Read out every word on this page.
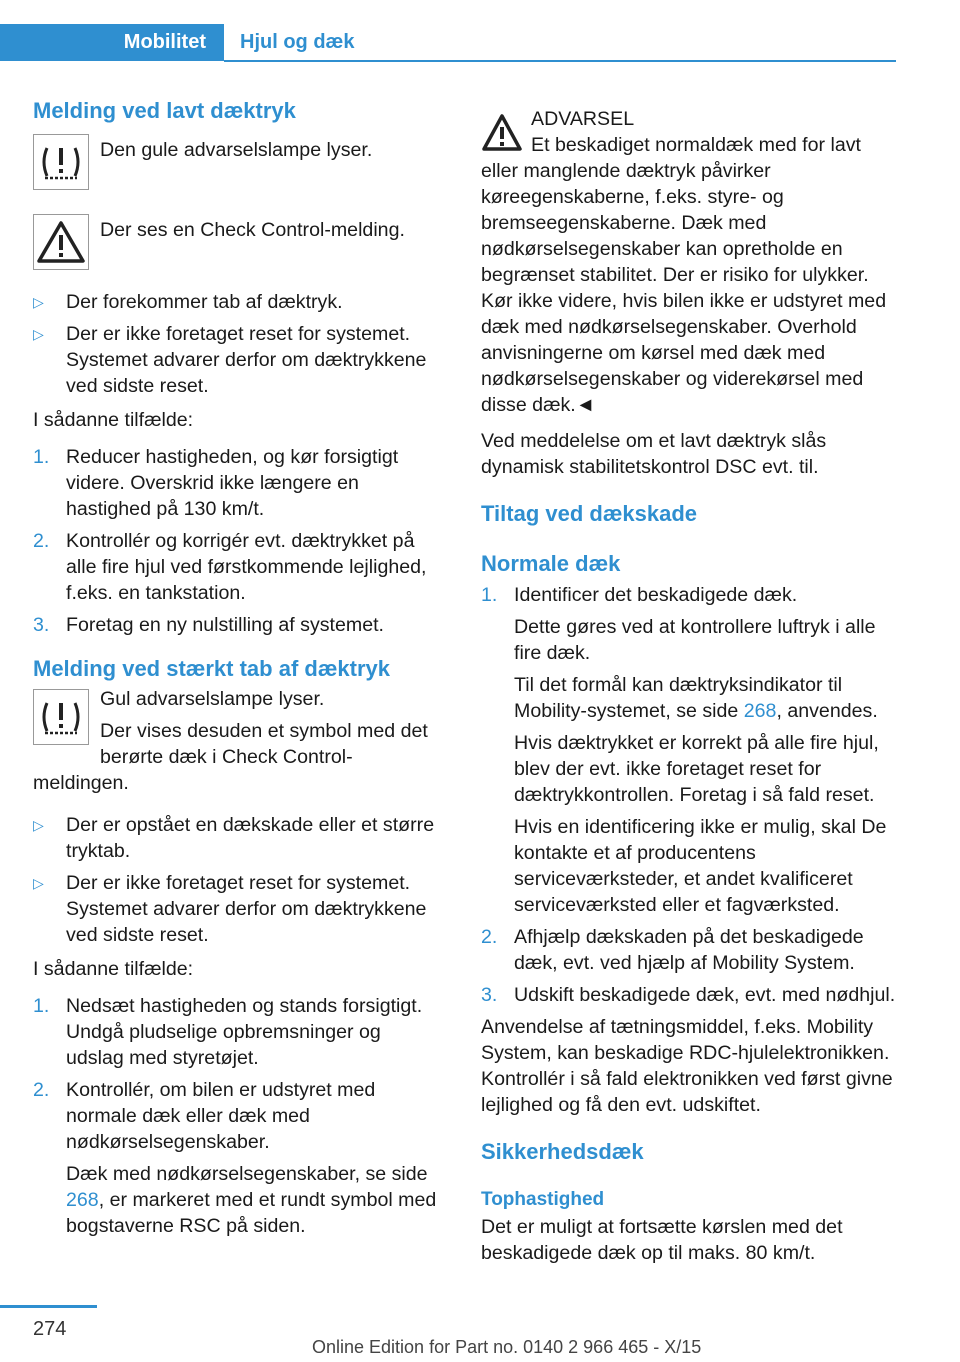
Mobilitet	Hjul og dæk
Melding ved lavt dæktryk

Den gule advarselslampe lyser.

Der ses en Check Control-melding.

▷ Der forekommer tab af dæktryk.
▷ Der er ikke foretaget reset for systemet. Systemet advarer derfor om dæktrykkene ved sidste reset.

I sådanne tilfælde:

1. Reducer hastigheden, og kør forsigtigt videre. Overskrid ikke længere en hastighed på 130 km/t.
2. Kontrollér og korrigér evt. dæktrykket på alle fire hjul ved førstkommende lejlighed, f.eks. en tankstation.
3. Foretag en ny nulstilling af systemet.
Melding ved stærkt tab af dæktryk

Gul advarselslampe lyser.

Der vises desuden et symbol med det berørte dæk i Check Control-meldingen.

▷ Der er opstået en dækskade eller et større tryktab.
▷ Der er ikke foretaget reset for systemet. Systemet advarer derfor om dæktrykkene ved sidste reset.

I sådanne tilfælde:

1. Nedsæt hastigheden og stands forsigtigt. Undgå pludselige opbremsninger og udslag med styretøjet.
2. Kontrollér, om bilen er udstyret med normale dæk eller dæk med nødkørselsegenskaber.

Dæk med nødkørselsegenskaber, se side 268, er markeret med et rundt symbol med bogstaverne RSC på siden.

ADVARSEL

Et beskadiget normaldæk med for lavt eller manglende dæktryk påvirker køreegenskaberne, f.eks. styre- og bremseegenskaberne. Dæk med nødkørselsegenskaber kan opretholde en begrænset stabilitet. Der er risiko for ulykker. Kør ikke videre, hvis bilen ikke er udstyret med dæk med nødkørselsegenskaber. Overhold anvisningerne om kørsel med dæk med nødkørselsegenskaber og viderekørsel med disse dæk.◄

Ved meddelelse om et lavt dæktryk slås dynamisk stabilitetskontrol DSC evt. til.

Tiltag ved dækskade
Normale dæk
1. Identificer det beskadigede dæk.

Dette gøres ved at kontrollere luftryk i alle fire dæk.

Til det formål kan dæktryksindikator til Mobility-systemet, se side 268, anvendes.

Hvis dæktrykket er korrekt på alle fire hjul, blev der evt. ikke foretaget reset for dæktrykkontrollen. Foretag i så fald reset.

Hvis en identificering ikke er mulig, skal De kontakte et af producentens serviceværksteder, et andet kvalificeret serviceværksted eller et fagværksted.

2. Afhjælp dækskaden på det beskadigede dæk, evt. ved hjælp af Mobility System.
3. Udskift beskadigede dæk, evt. med nødhjul.

Anvendelse af tætningsmiddel, f.eks. Mobility System, kan beskadige RDC-hjulelektronikken. Kontrollér i så fald elektronikken ved først givne lejlighed og få den evt. udskiftet.

Sikkerhedsdæk
Tophastighed

Det er muligt at fortsætte kørslen med det beskadigede dæk op til maks. 80 km/t.

274
Online Edition for Part no. 0140 2 966 465 - X/15
